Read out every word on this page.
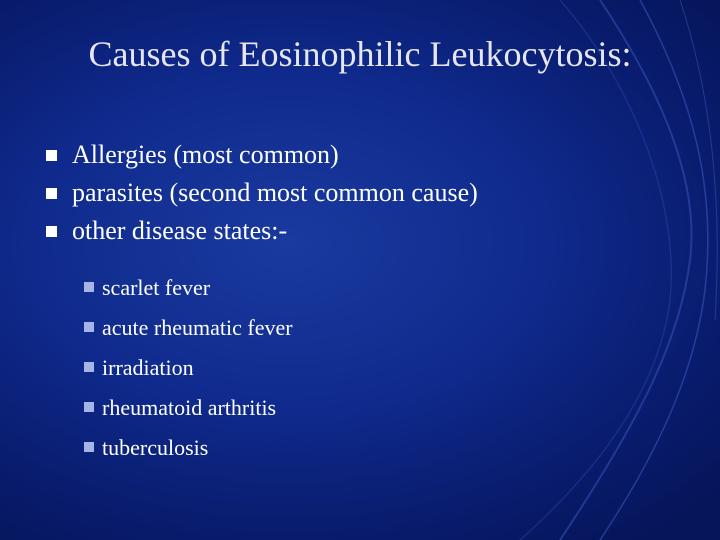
Causes of Eosinophilic Leukocytosis:
Allergies (most common)
parasites (second most common cause)
other disease states:-
scarlet fever
acute rheumatic fever
irradiation
rheumatoid arthritis
tuberculosis
